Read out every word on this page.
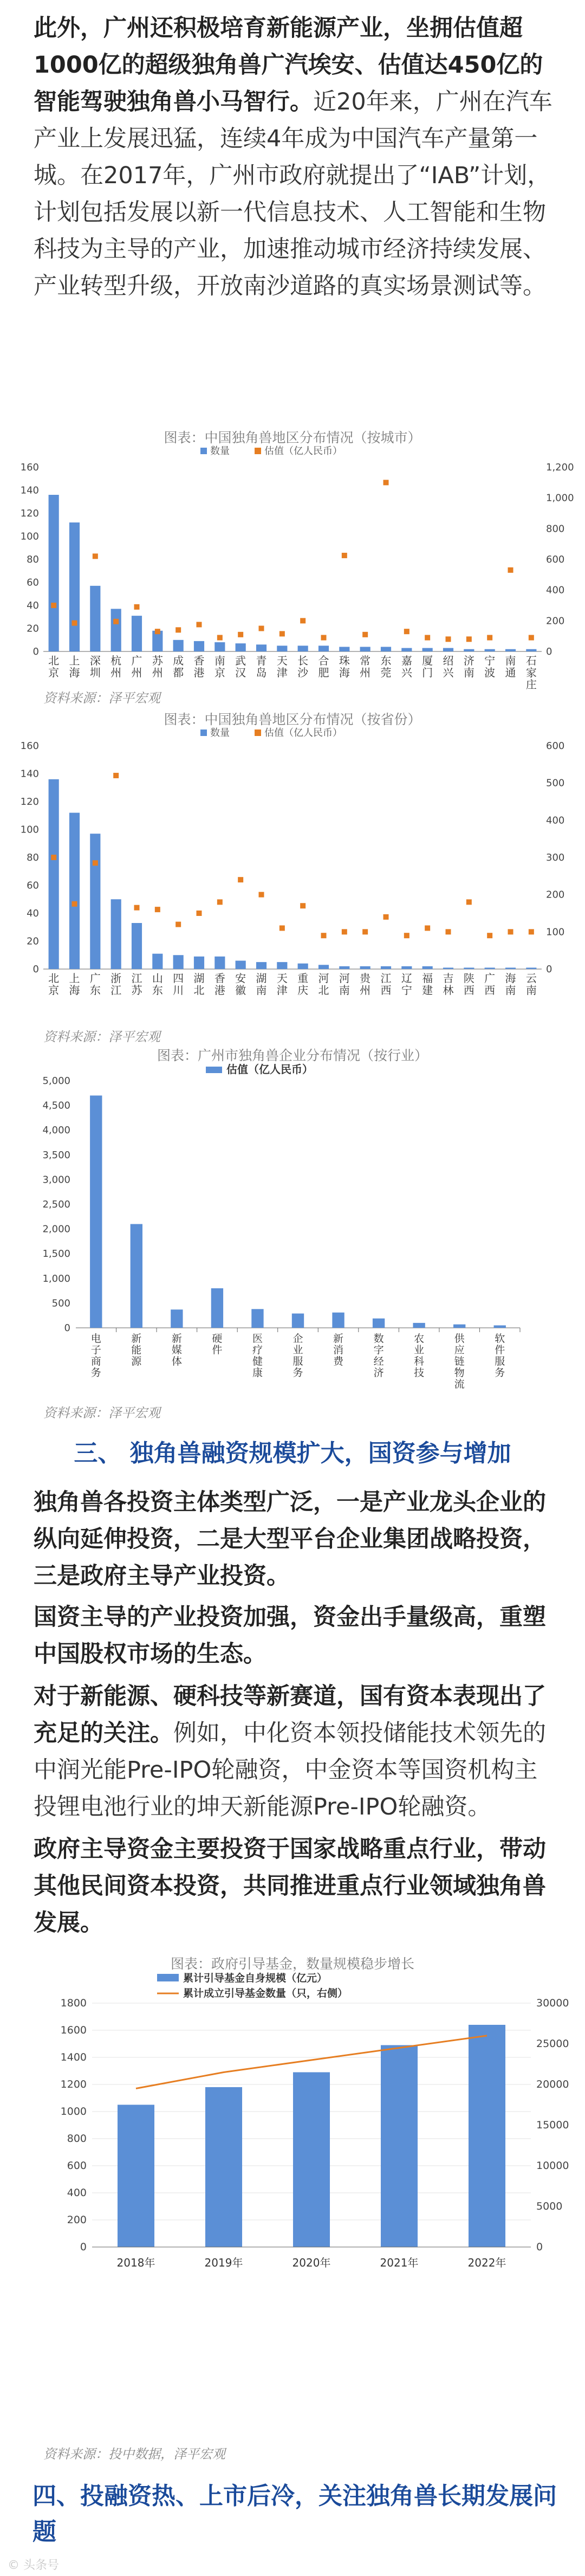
此外，广州还积极培育新能源产业，坐拥估值超1000亿的超级独角兽广汽埃安、估值达450亿的智能驾驶独角兽小马智行。近20年来，广州在汽车产业上发展迅猛，连续4年成为中国汽车产量第一城。在2017年，广州市政府就提出了“IAB”计划，计划包括发展以新一代信息技术、人工智能和生物科技为主导的产业，加速推动城市经济持续发展、产业转型升级，开放南沙道路的真实场景测试等。

图表：中国独角兽地区分布情况（按城市）
数量	估值（亿人民币）
0
20
40
60
80
100
120
140
160
0
200
400
600
800
1,000
1,200
北京
上海
深圳
杭州
广州
苏州
成都
香港
南京
武汉
青岛
天津
长沙
合肥
珠海
常州
东莞
嘉兴
厦门
绍兴
济南
宁波
南通
石家庄
资料来源：泽平宏观
图表：中国独角兽地区分布情况（按省份）
数量	估值（亿人民币）
0
20
40
60
80
100
120
140
160
0
100
200
300
400
500
600
北京
上海
广东
浙江
江苏
山东
四川
湖北
香港
安徽
湖南
天津
重庆
河北
河南
贵州
江西
辽宁
福建
吉林
陕西
广西
海南
云南
资料来源：泽平宏观
图表：广州市独角兽企业分布情况（按行业）
估值（亿人民币）
0
500
1,000
1,500
2,000
2,500
3,000
3,500
4,000
4,500
5,000
电子商务
新能源
新媒体
硬件
医疗健康
企业服务
新消费
数字经济
农业科技
供应链物流
软件服务
资料来源：泽平宏观
三、 独角兽融资规模扩大，国资参与增加

独角兽各投资主体类型广泛，一是产业龙头企业的纵向延伸投资，二是大型平台企业集团战略投资，三是政府主导产业投资。

国资主导的产业投资加强，资金出手量级高，重塑中国股权市场的生态。

对于新能源、硬科技等新赛道，国有资本表现出了充足的关注。例如，中化资本领投储能技术领先的中润光能Pre-IPO轮融资，中金资本等国资机构主投锂电池行业的坤天新能源Pre-IPO轮融资。

政府主导资金主要投资于国家战略重点行业，带动其他民间资本投资，共同推进重点行业领域独角兽发展。

图表：政府引导基金，数量规模稳步增长
累计引导基金自身规模（亿元）
累计成立引导基金数量（只，右侧）
0
200
400
600
800
1000
1200
1400
1600
1800
0
5000
10000
15000
20000
25000
30000
2018年	2019年	2020年	2021年	2022年
资料来源：投中数据，泽平宏观
四、投融资热、上市后冷，关注独角兽长期发展问题
© 头条号
